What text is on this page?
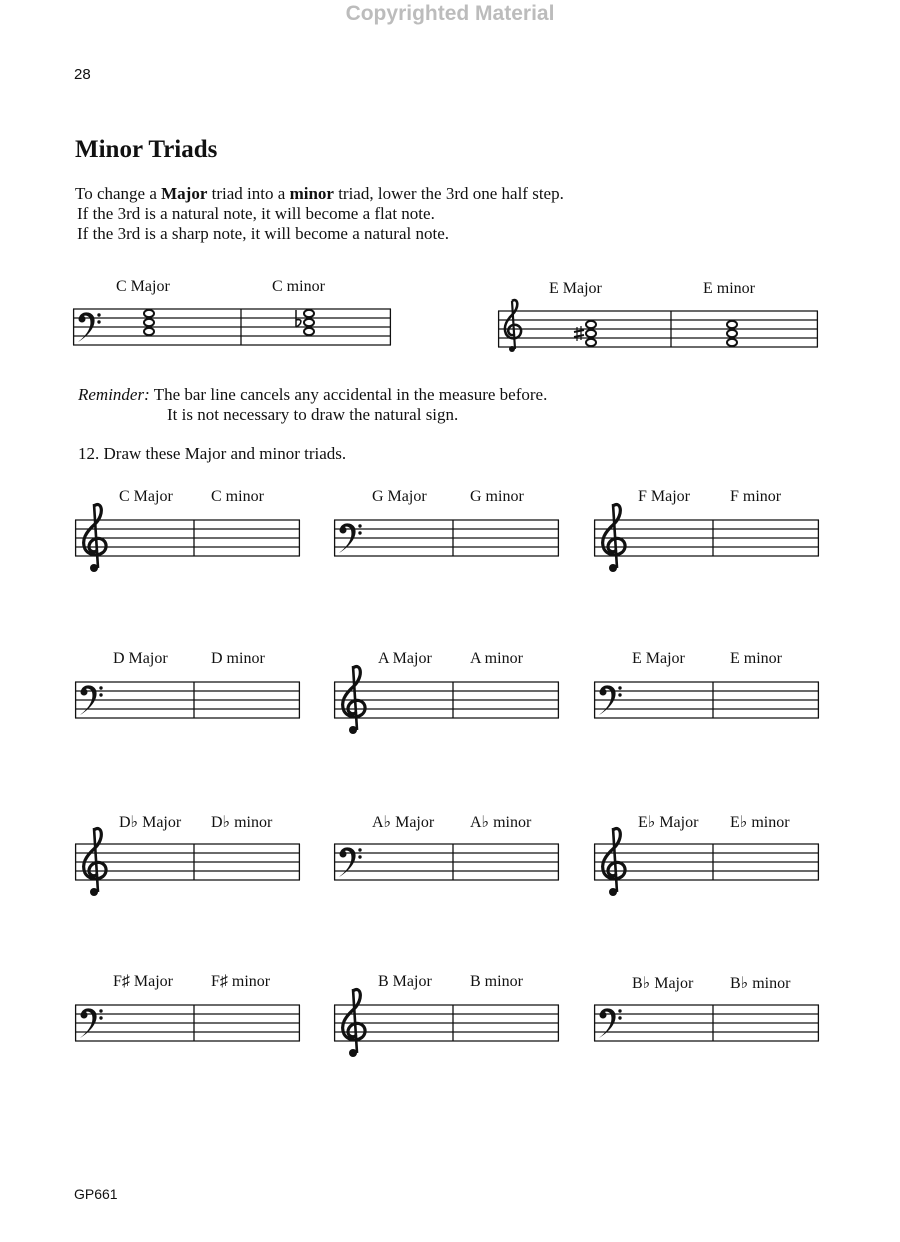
Copyrighted Material
28
Minor Triads
To change a Major triad into a minor triad, lower the 3rd one half step.
If the 3rd is a natural note, it will become a flat note.
If the 3rd is a sharp note, it will become a natural note.
C Major	C minor	E Major	E minor
Reminder: The bar line cancels any accidental in the measure before.
It is not necessary to draw the natural sign.
12. Draw these Major and minor triads.
C Major C minor	G Major	G minor	F Major	F minor
D Major	D minor	A Major A minor	E Major	E minor
D♭ Major D♭ minor	A♭ Major A♭ minor	E♭ Major E♭ minor
F♯ Major F♯ minor	B Major B minor	B♭ Major B♭ minor
GP661
